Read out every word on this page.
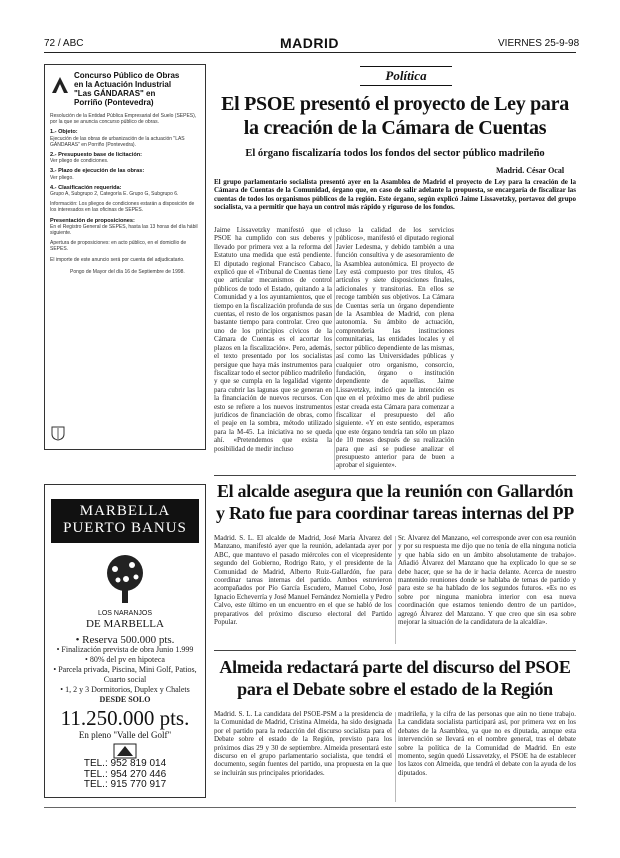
72 / ABC	MADRID	VIERNES 25-9-98
Concurso Público de Obras
en la Actuación Industrial
"Las GÁNDARAS" en
Porriño (Pontevedra)
Resolución de la Entidad Pública Empresarial del Suelo (SEPES), por la que se anuncia concurso público de obras.
1.- Objeto:
Ejecución de las obras de urbanización de la actuación "LAS GÁNDARAS" en Porriño (Pontevedra).
2.- Presupuesto base de licitación:
Ver pliego de condiciones.
3.- Plazo de ejecución de las obras:
Ver pliego.
4.- Clasificación requerida:
Grupo A, Subgrupo 2, Categoría E. Grupo G, Subgrupo 6.
Información: Los pliegos de condiciones estarán a disposición de los interesados en las oficinas de SEPES.
Presentación de proposiciones:
En el Registro General de SEPES, hasta las 13 horas del día hábil siguiente.
Apertura de proposiciones: en acto público, en el domicilio de SEPES.
El importe de este anuncio será por cuenta del adjudicatario.
Pongo de Mayor del día 16 de Septiembre de 1998.
MARBELLA
PUERTO BANUS
LOS NARANJOS
DE MARBELLA
• Reserva 500.000 pts.
• Finalización prevista de obra Junio 1.999
• 80% del pv en hipoteca
• Parcela privada, Piscina, Mini Golf, Patios, Cuarto social
• 1, 2 y 3 Dormitorios, Duplex y Chalets
DESDE SOLO
11.250.000 pts.
En pleno "Valle del Golf"
TEL.: 952 819 014
TEL.: 954 270 446
TEL.: 915 770 917
Política
El PSOE presentó el proyecto de Ley para
la creación de la Cámara de Cuentas
El órgano fiscalizaría todos los fondos del sector público madrileño
Madrid. César Ocal
El grupo parlamentario socialista presentó ayer en la Asamblea de Madrid el proyecto de Ley para la creación de la Cámara de Cuentas de la Comunidad, órgano que, en caso de salir adelante la propuesta, se encargaría de fiscalizar las cuentas de todos los organismos públicos de la región. Este órgano, según explicó Jaime Lissavetzky, portavoz del grupo socialista, va a permitir que haya un control más rápido y riguroso de los fondos.
Jaime Lissavetzky manifestó que el PSOE ha cumplido con sus deberes y llevado por primera vez a la reforma del Estatuto una medida que está pendiente. El diputado regional Francisco Cabaco, explicó que el «Tribunal de Cuentas tiene que articular mecanismos de control públicos de todo el Estado, quitando a la Comunidad y a los ayuntamientos, que el tiempo en la fiscalización profunda de sus cuentas, el resto de los organismos pasan bastante tiempo para controlar. Creo que uno de los principios cívicos de la Cámara de Cuentas es el acortar los plazos en la fiscalización». Pero, además, el texto presentado por los socialistas persigue que haya más instrumentos para fiscalizar todo el sector público madrileño y que se cumpla en la legalidad vigente para cubrir las lagunas que se generan en la financiación de nuevos recursos. Con esto se refiere a los nuevos instrumentos jurídicos de financiación de obras, como el peaje en la sombra, método utilizado para la M-45. La iniciativa no se queda ahí. «Pretendemos que exista la posibilidad de medir incluso
cluso la calidad de los servicios públicos», manifestó el diputado regional Javier Ledesma, y debido también a una función consultiva y de asesoramiento de la Asamblea autonómica. El proyecto de Ley está compuesto por tres títulos, 45 artículos y siete disposiciones finales, adicionales y transitorias. En ellos se recoge también sus objetivos. La Cámara de Cuentas sería un órgano dependiente de la Asamblea de Madrid, con plena autonomía. Su ámbito de actuación, comprendería las instituciones comunitarias, las entidades locales y el sector público dependiente de las mismas, así como las Universidades públicas y cualquier otro organismo, consorcio, fundación, órgano o institución dependiente de aquellas. Jaime Lissavetzky, indicó que la intención es que en el próximo mes de abril pudiese estar creada esta Cámara para comenzar a fiscalizar el presupuesto del año siguiente. «Y en este sentido, esperamos que este órgano tendría tan sólo un plazo de 10 meses después de su realización para que así se pudiese analizar el presupuesto anterior para de buen a aprobar el siguiente».
El alcalde asegura que la reunión con Gallardón
y Rato fue para coordinar tareas internas del PP
Madrid. S. L. El alcalde de Madrid, José María Álvarez del Manzano, manifestó ayer que la reunión, adelantada ayer por ABC, que mantuvo el pasado miércoles con el vicepresidente segundo del Gobierno, Rodrigo Rato, y el presidente de la Comunidad de Madrid, Alberto Ruiz-Gallardón, fue para coordinar tareas internas del partido. Ambos estuvieron acompañados por Pío García Escudero, Manuel Cobo, José Ignacio Echeverría y José Manuel Fernández Norniella y Pedro Calvo, este último en un encuentro en el que se habló de los preparativos del próximo discurso electoral del Partido Popular.
Sr. Álvarez del Manzano, «el corresponde aver con esa reunión y por su respuesta me dijo que no tenía de ella ninguna noticia y que había sido en un ámbito absolutamente de trabajo». Añadió Álvarez del Manzano que ha explicado lo que se se debe hacer, que se ha de ir hacia delante. Acerca de nuestro mantenido reuniones donde se hablaba de temas de partido y para este se ha hablado de los segundos futuros. «Es no es sobre por ninguna maniobra interior con esa nueva coordinación que estamos teniendo dentro de un partido», agregó Álvarez del Manzano. Y que creo que sin esa sobre mejorar la situación de la candidatura de la alcaldía».
Almeida redactará parte del discurso del PSOE
para el Debate sobre el estado de la Región
Madrid. S. L. La candidata del PSOE-PSM a la presidencia de la Comunidad de Madrid, Cristina Almeida, ha sido designada por el partido para la redacción del discurso socialista para el Debate sobre el estado de la Región, previsto para los próximos días 29 y 30 de septiembre. Almeida presentará este discurso en el grupo parlamentario socialista, que tendrá el documento, según fuentes del partido, una propuesta en la que se incluirán sus principales prioridades.
madrileña, y la cifra de las personas que aún no tiene trabajo. La candidata socialista participará así, por primera vez en los debates de la Asamblea, ya que no es diputada, aunque esta intervención se llevará en el nombre general, tras el debate sobre la política de la Comunidad de Madrid. En este momento, según quedó Lissavetzky, el PSOE ha de establecer los lazos con Almeida, que tendrá el debate con la ayuda de los diputados.
